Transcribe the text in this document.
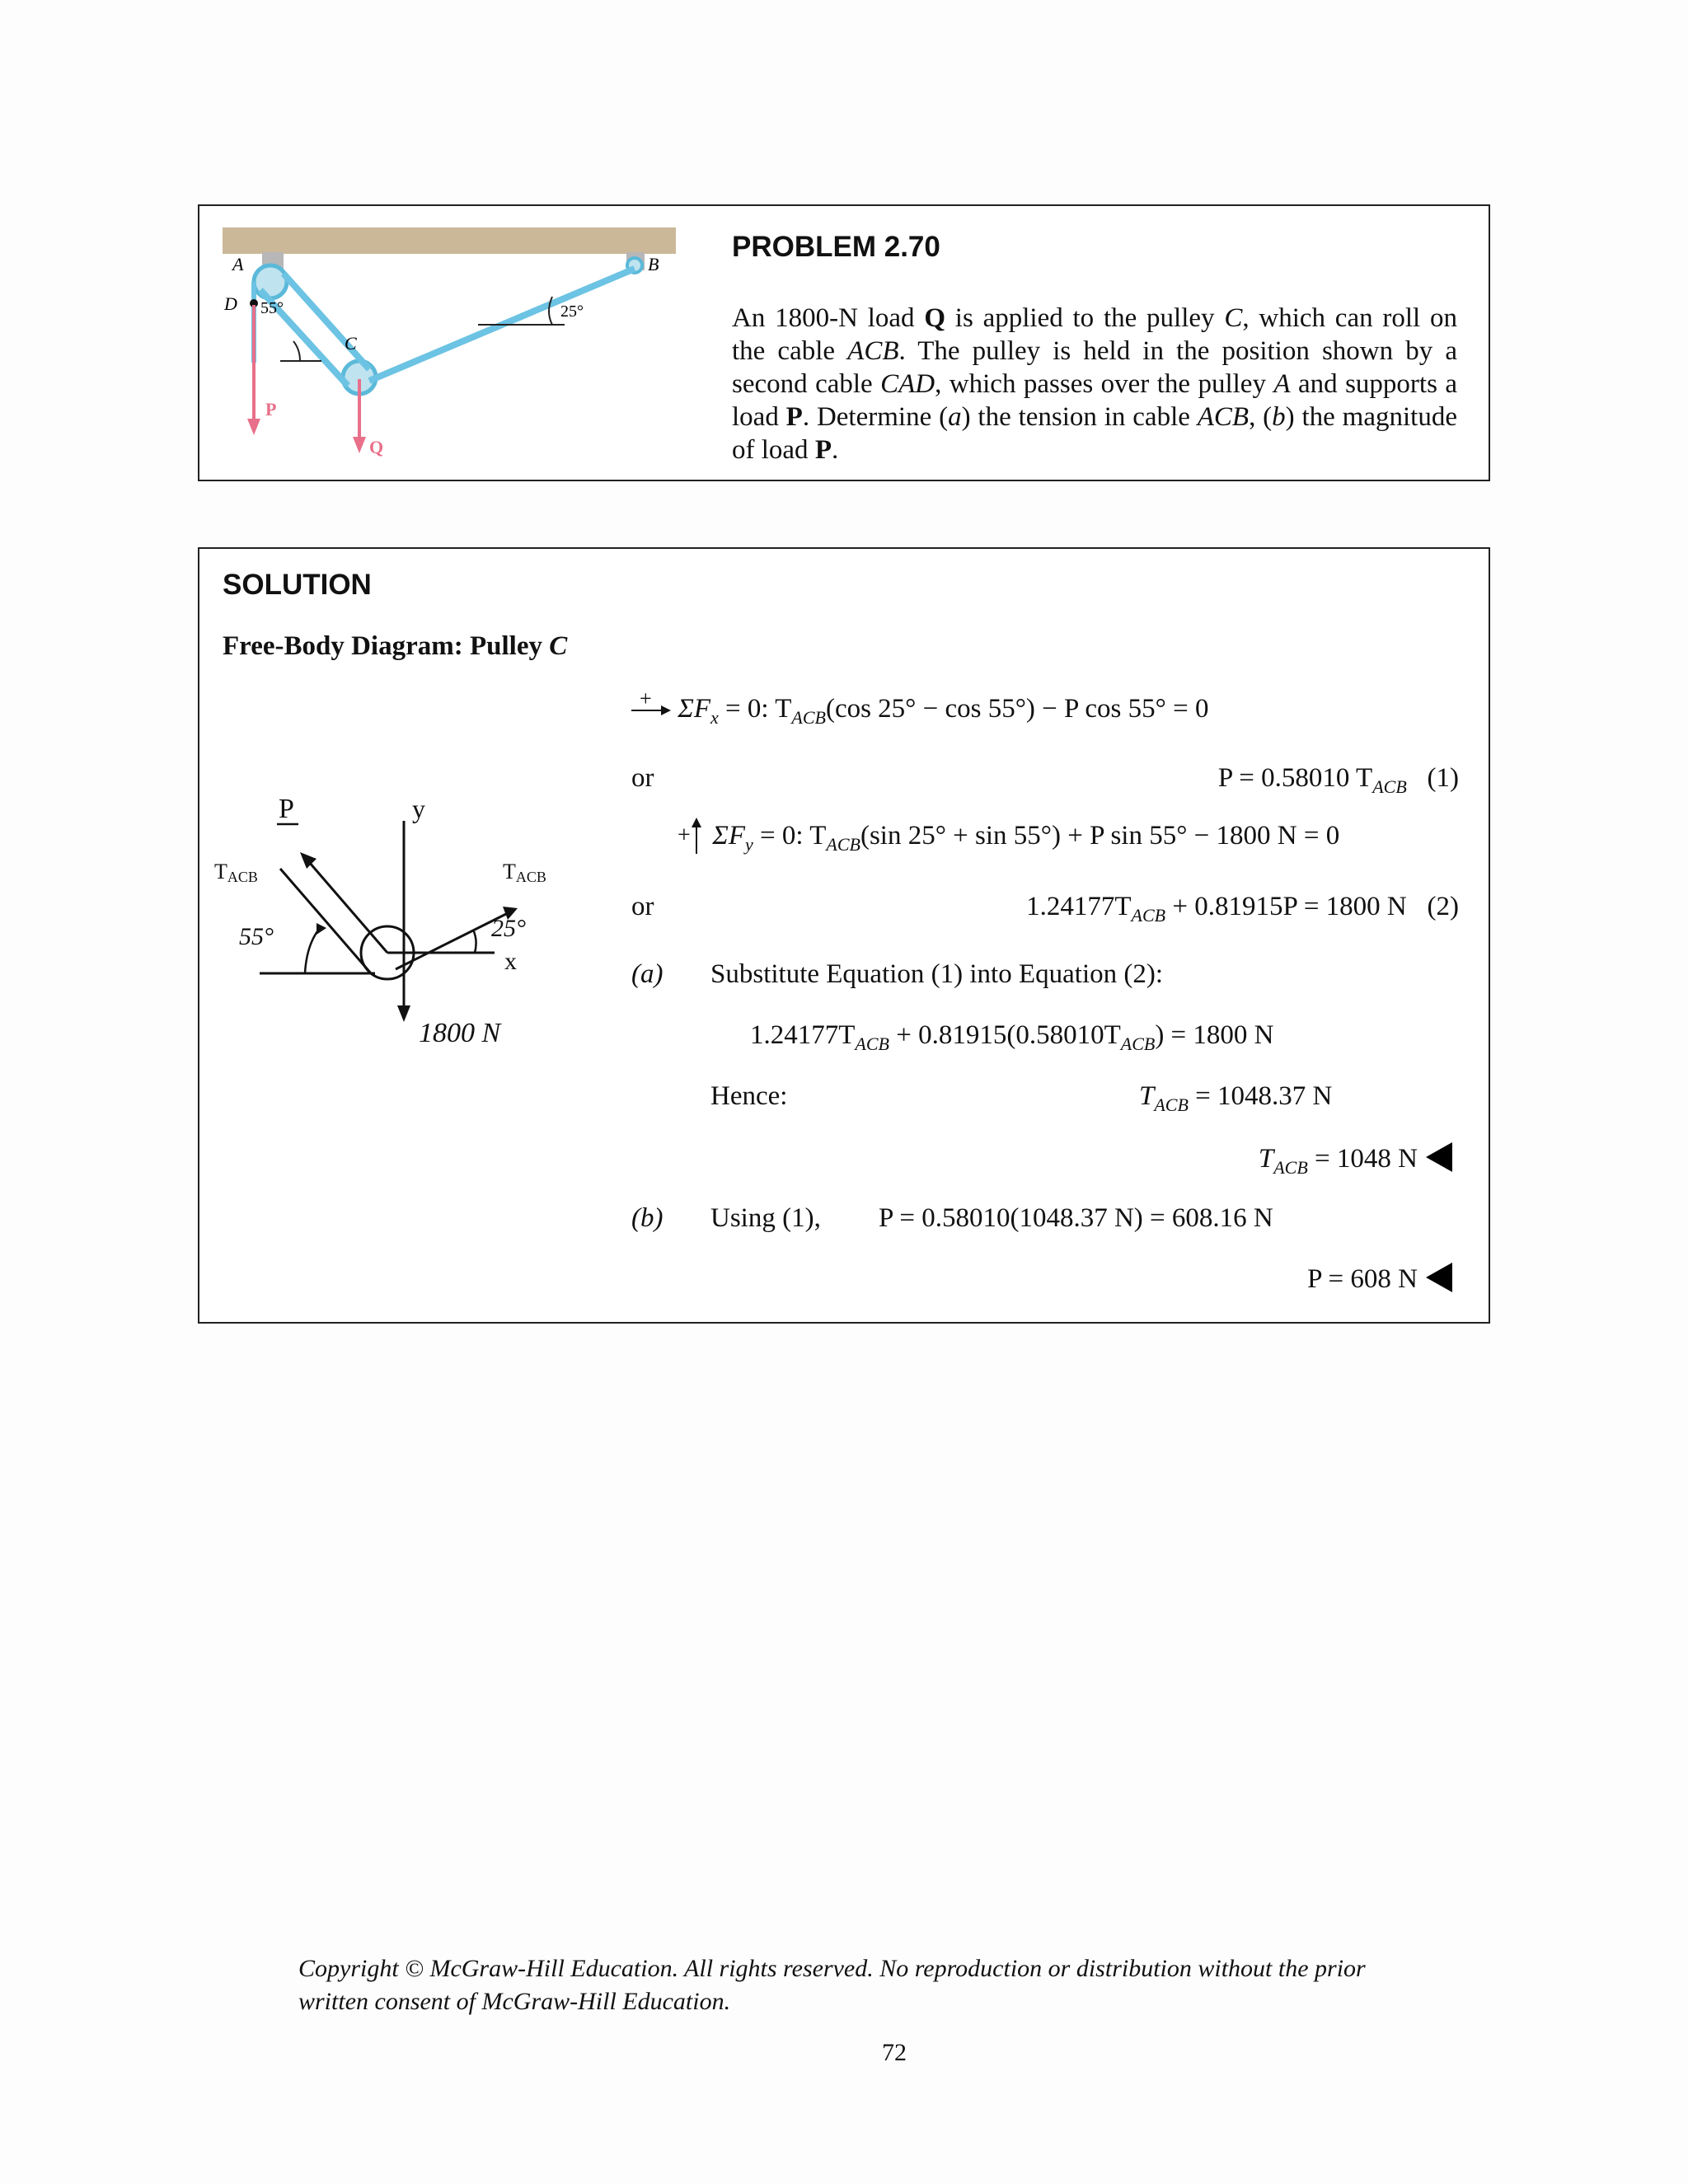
A	B
C
D 55°	25°
P
Q
PROBLEM 2.70
An 1800-N load Q is applied to the pulley C, which can roll on the cable ACB. The pulley is held in the position shown by a second cable CAD, which passes over the pulley A and supports a load P. Determine (a) the tension in cable ACB, (b) the magnitude of load P.
SOLUTION
Free-Body Diagram: Pulley C
P	y
TACB	TACB
55°	25°
x
1800 N
+ $\Sigma F_x = 0$: $T_{ACB}(\cos$ 25° − cos 55°) − P cos 55° = 0
or	P = 0.58010 $T_{ACB}$ (1)
+ $\Sigma F_y = 0$: $T_{ACB}(\sin$ 25° + sin 55°) + P sin 55° − 1800 N = 0
or	$1.24177T_{ACB} + 0.81915P = 1800$ N (2)
(a) Substitute Equation (1) into Equation (2):
$1.24177T_{ACB} + 0.81915(0.58010T_{ACB}) = 1800$ N
Hence:	$T_{ACB} = 1048.37$ N
$T_{ACB} = 1048$ N
(b) Using (1), P = 0.58010(1048.37 N) = 608.16 N
P = 608 N
Copyright © McGraw-Hill Education. All rights reserved. No reproduction or distribution without the prior
written consent of McGraw-Hill Education.
72
